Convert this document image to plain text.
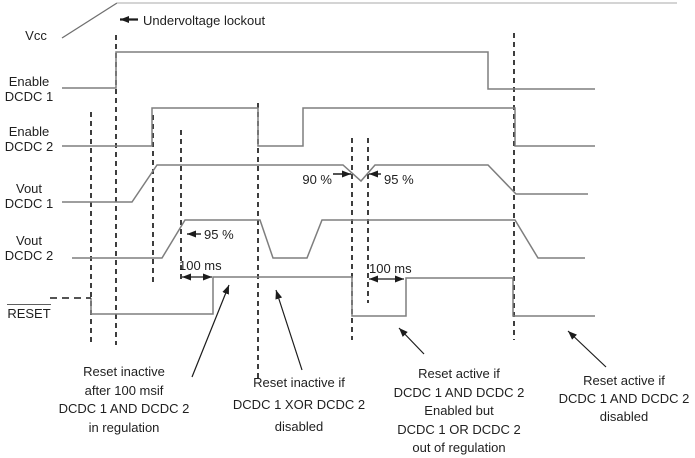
Vcc
Enable
DCDC 1
Enable
DCDC 2
Vout
DCDC 1
Vout
DCDC 2
RESET
Undervoltage lockout
90 %	95 %
95 %
100 ms	100 ms
Reset inactive
after 100 msif
DCDC 1 AND DCDC 2
in regulation
Reset inactive if
DCDC 1 XOR DCDC 2
disabled
Reset active if
DCDC 1 AND DCDC 2
Enabled but
DCDC 1 OR DCDC 2
out of regulation
Reset active if
DCDC 1 AND DCDC 2
disabled
